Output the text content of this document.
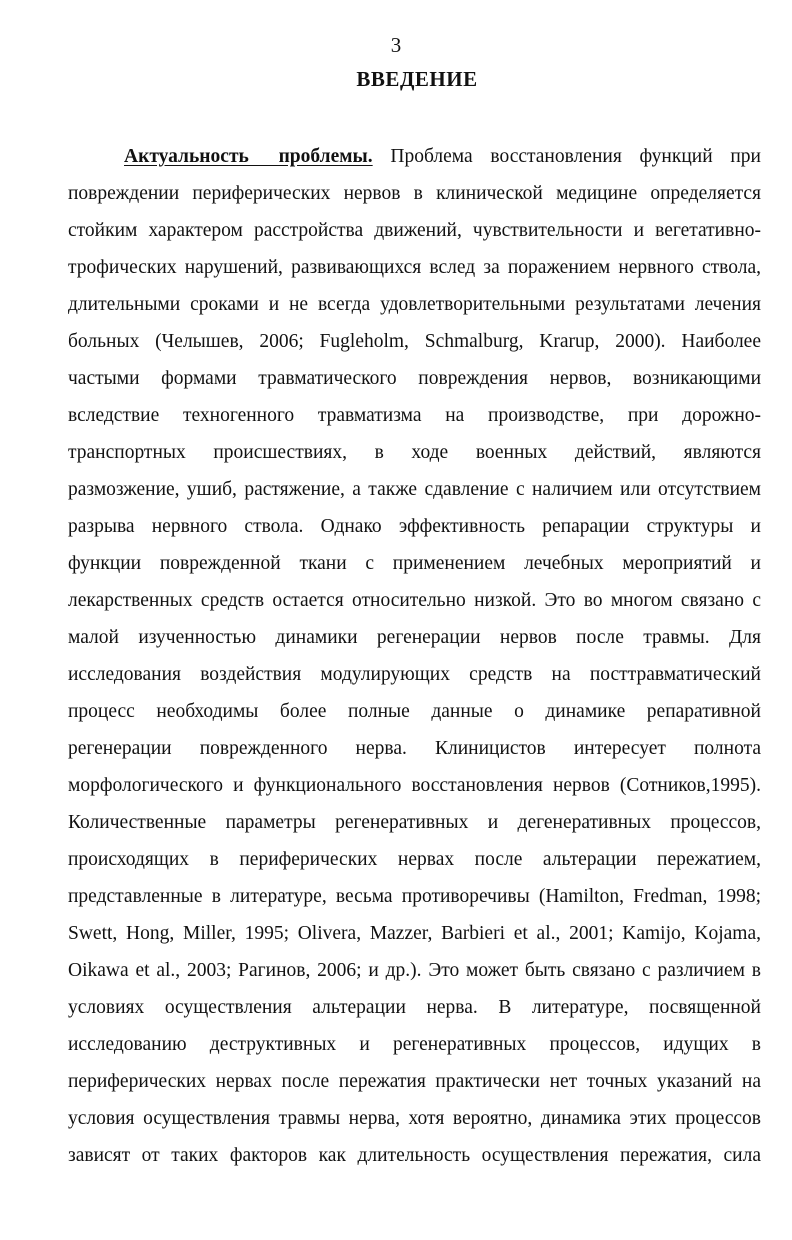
3
ВВЕДЕНИЕ
Актуальность проблемы. Проблема восстановления функций при
повреждении периферических нервов в клинической медицине определяется
стойким характером расстройства движений, чувствительности и вегетативно-
трофических нарушений, развивающихся вслед за поражением нервного ствола,
длительными сроками и не всегда удовлетворительными результатами лечения
больных (Челышев, 2006; Fugleholm, Schmalburg, Krarup, 2000). Наиболее
частыми формами травматического повреждения нервов, возникающими
вследствие техногенного травматизма на производстве, при дорожно-
транспортных происшествиях, в ходе военных действий, являются
размозжение, ушиб, растяжение, а также сдавление с наличием или отсутствием
разрыва нервного ствола. Однако эффективность репарации структуры и
функции поврежденной ткани с применением лечебных мероприятий и
лекарственных средств остается относительно низкой. Это во многом связано с
малой изученностью динамики регенерации нервов после травмы. Для
исследования воздействия модулирующих средств на посттравматический
процесс необходимы более полные данные о динамике репаративной
регенерации поврежденного нерва. Клиницистов интересует полнота
морфологического и функционального восстановления нервов (Сотников,1995).
Количественные параметры регенеративных и дегенеративных процессов,
происходящих в периферических нервах после альтерации пережатием,
представленные в литературе, весьма противоречивы (Hamilton, Fredman, 1998;
Swett, Hong, Miller, 1995; Olivera, Mazzer, Barbieri et al., 2001; Kamijo, Kojama,
Oikawa et al., 2003; Рагинов, 2006; и др.). Это может быть связано с различием в
условиях осуществления альтерации нерва. В литературе, посвященной
исследованию деструктивных и регенеративных процессов, идущих в
периферических нервах после пережатия практически нет точных указаний на
условия осуществления травмы нерва, хотя вероятно, динамика этих процессов
зависят от таких факторов как длительность осуществления пережатия, сила
